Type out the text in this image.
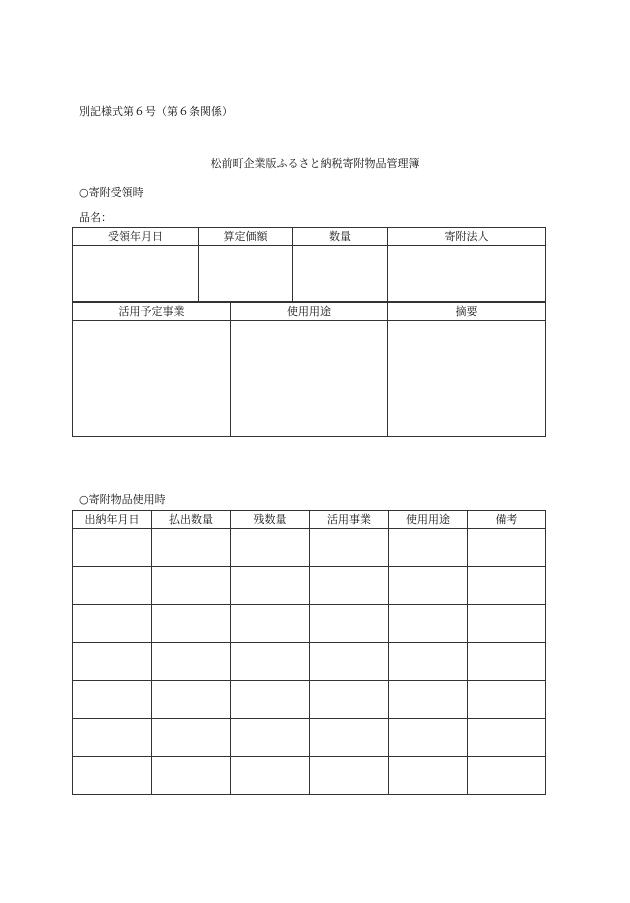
別記様式第６号（第６条関係）
松前町企業版ふるさと納税寄附物品管理簿
○寄附受領時
品名：
受領年月日	算定価額	数量	寄附法人

活用予定事業	使用用途	摘要

○寄附物品使用時
出納年月日	払出数量	残数量	活用事業	使用用途	備考
